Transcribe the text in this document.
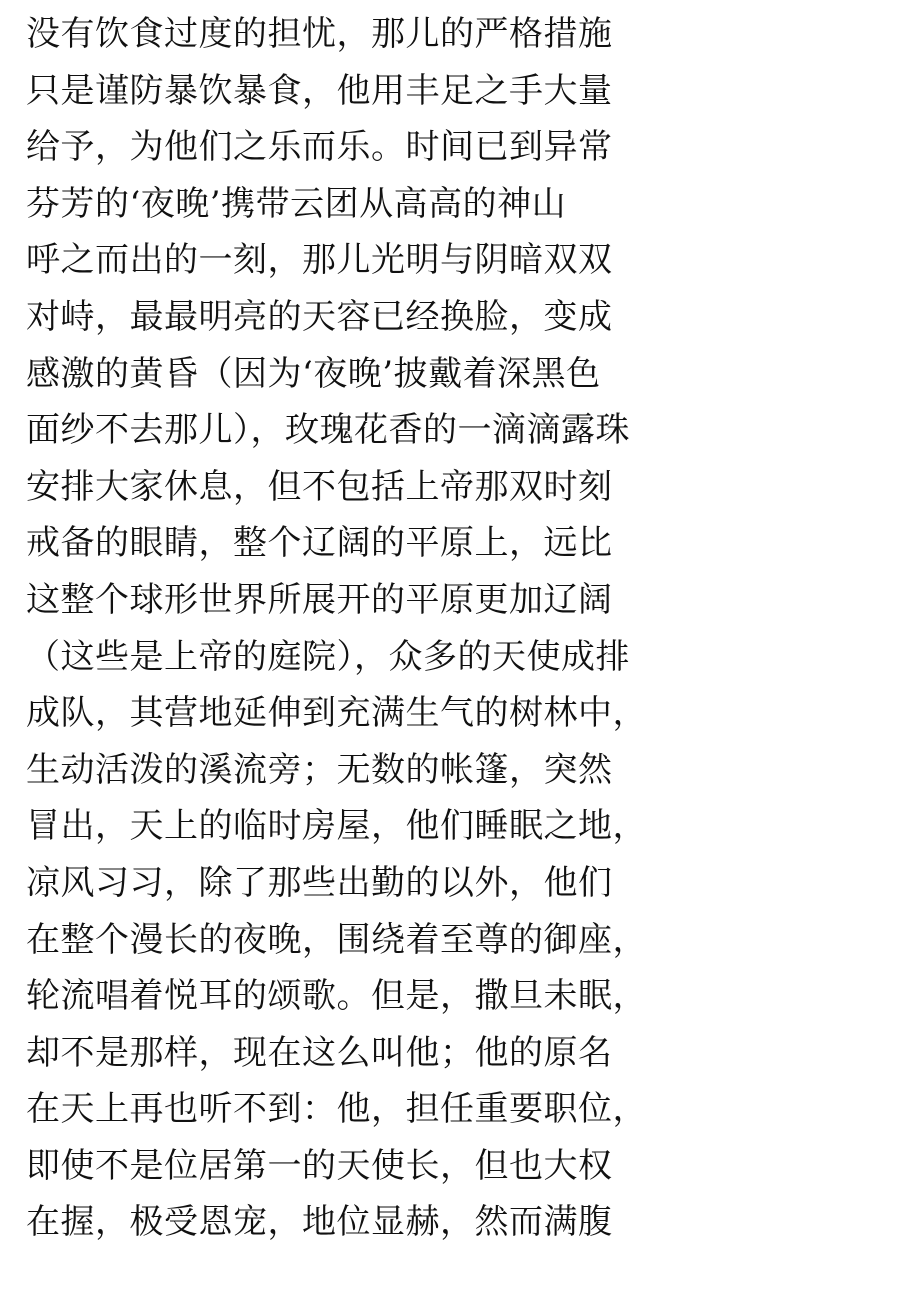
没有饮食过度的担忧，那儿的严格措施
只是谨防暴饮暴食，他用丰足之手大量
给予，为他们之乐而乐。时间已到异常
芬芳的‘夜晚’携带云团从高高的神山
呼之而出的一刻，那儿光明与阴暗双双
对峙，最最明亮的天容已经换脸，变成
感激的黄昏（因为‘夜晚’披戴着深黑色
面纱不去那儿），玫瑰花香的一滴滴露珠
安排大家休息，但不包括上帝那双时刻
戒备的眼睛，整个辽阔的平原上，远比
这整个球形世界所展开的平原更加辽阔
（这些是上帝的庭院），众多的天使成排
成队，其营地延伸到充满生气的树林中，
生动活泼的溪流旁；无数的帐篷，突然
冒出，天上的临时房屋，他们睡眠之地，
凉风习习，除了那些出勤的以外，他们
在整个漫长的夜晚，围绕着至尊的御座，
轮流唱着悦耳的颂歌。但是，撒旦未眠，
却不是那样，现在这么叫他；他的原名
在天上再也听不到：他，担任重要职位，
即使不是位居第一的天使长，但也大权
在握，极受恩宠，地位显赫，然而满腹
